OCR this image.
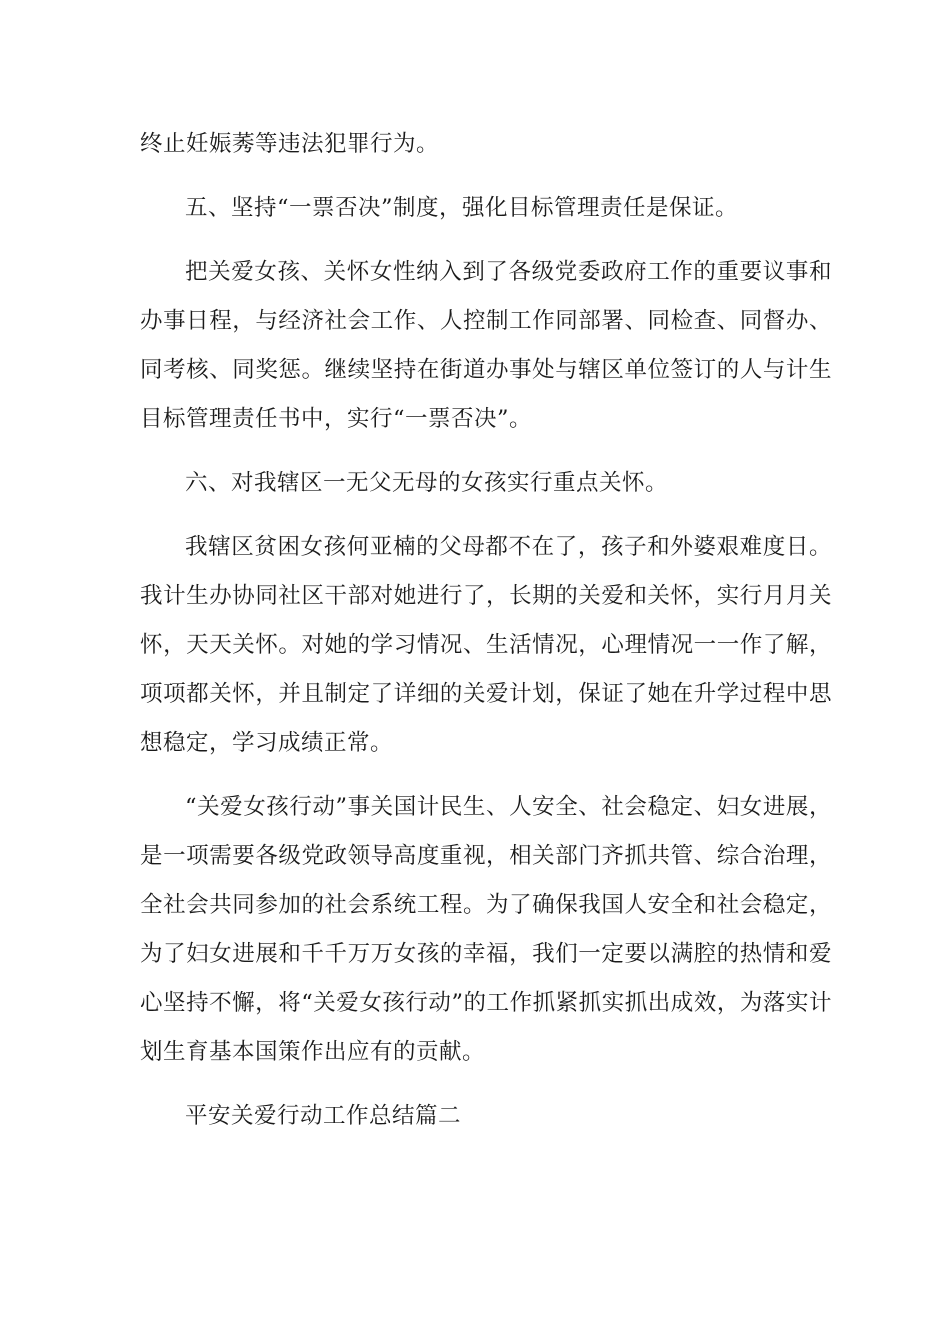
终止妊娠莠等违法犯罪行为。

五、坚持“一票否决”制度，强化目标管理责任是保证。

把关爱女孩、关怀女性纳入到了各级党委政府工作的重要议事和办事日程，与经济社会工作、人控制工作同部署、同检查、同督办、同考核、同奖惩。继续坚持在街道办事处与辖区单位签订的人与计生目标管理责任书中，实行“一票否决”。

六、对我辖区一无父无母的女孩实行重点关怀。

我辖区贫困女孩何亚楠的父母都不在了，孩子和外婆艰难度日。我计生办协同社区干部对她进行了，长期的关爱和关怀，实行月月关怀，天天关怀。对她的学习情况、生活情况，心理情况一一作了解，项项都关怀，并且制定了详细的关爱计划，保证了她在升学过程中思想稳定，学习成绩正常。

“关爱女孩行动”事关国计民生、人安全、社会稳定、妇女进展，是一项需要各级党政领导高度重视，相关部门齐抓共管、综合治理，全社会共同参加的社会系统工程。为了确保我国人安全和社会稳定，为了妇女进展和千千万万女孩的幸福，我们一定要以满腔的热情和爱心坚持不懈，将“关爱女孩行动”的工作抓紧抓实抓出成效，为落实计划生育基本国策作出应有的贡献。

平安关爱行动工作总结篇二
